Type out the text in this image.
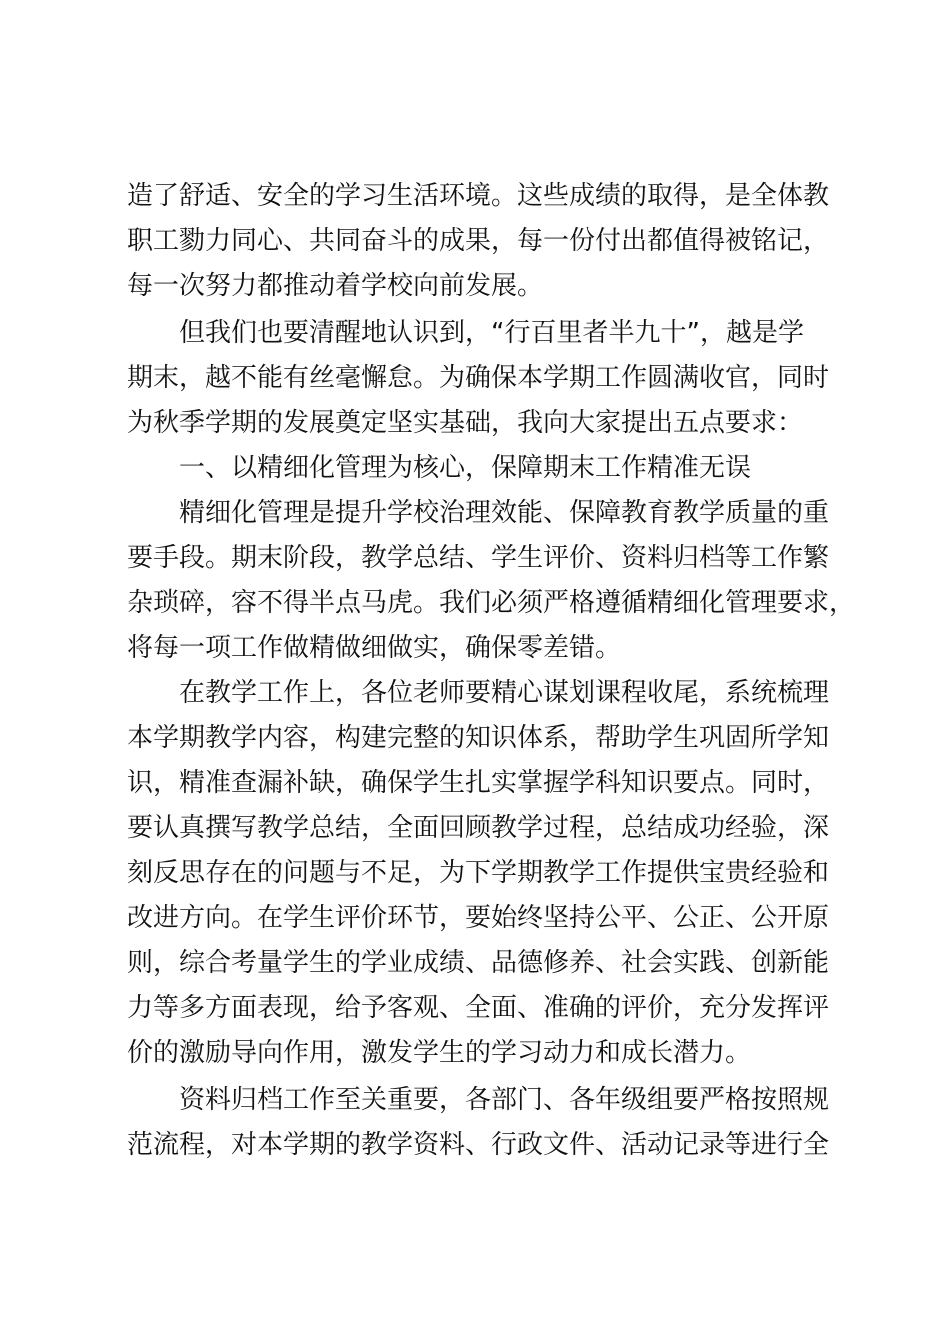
造了舒适、安全的学习生活环境。这些成绩的取得，是全体教
职工勠力同心、共同奋斗的成果，每一份付出都值得被铭记，
每一次努力都推动着学校向前发展。
但我们也要清醒地认识到，“行百里者半九十”，越是学
期末，越不能有丝毫懈怠。为确保本学期工作圆满收官，同时
为秋季学期的发展奠定坚实基础，我向大家提出五点要求：
一、以精细化管理为核心，保障期末工作精准无误
精细化管理是提升学校治理效能、保障教育教学质量的重
要手段。期末阶段，教学总结、学生评价、资料归档等工作繁
杂琐碎，容不得半点马虎。我们必须严格遵循精细化管理要求，
将每一项工作做精做细做实，确保零差错。
在教学工作上，各位老师要精心谋划课程收尾，系统梳理
本学期教学内容，构建完整的知识体系，帮助学生巩固所学知
识，精准查漏补缺，确保学生扎实掌握学科知识要点。同时，
要认真撰写教学总结，全面回顾教学过程，总结成功经验，深
刻反思存在的问题与不足，为下学期教学工作提供宝贵经验和
改进方向。在学生评价环节，要始终坚持公平、公正、公开原
则，综合考量学生的学业成绩、品德修养、社会实践、创新能
力等多方面表现，给予客观、全面、准确的评价，充分发挥评
价的激励导向作用，激发学生的学习动力和成长潜力。
资料归档工作至关重要，各部门、各年级组要严格按照规
范流程，对本学期的教学资料、行政文件、活动记录等进行全
